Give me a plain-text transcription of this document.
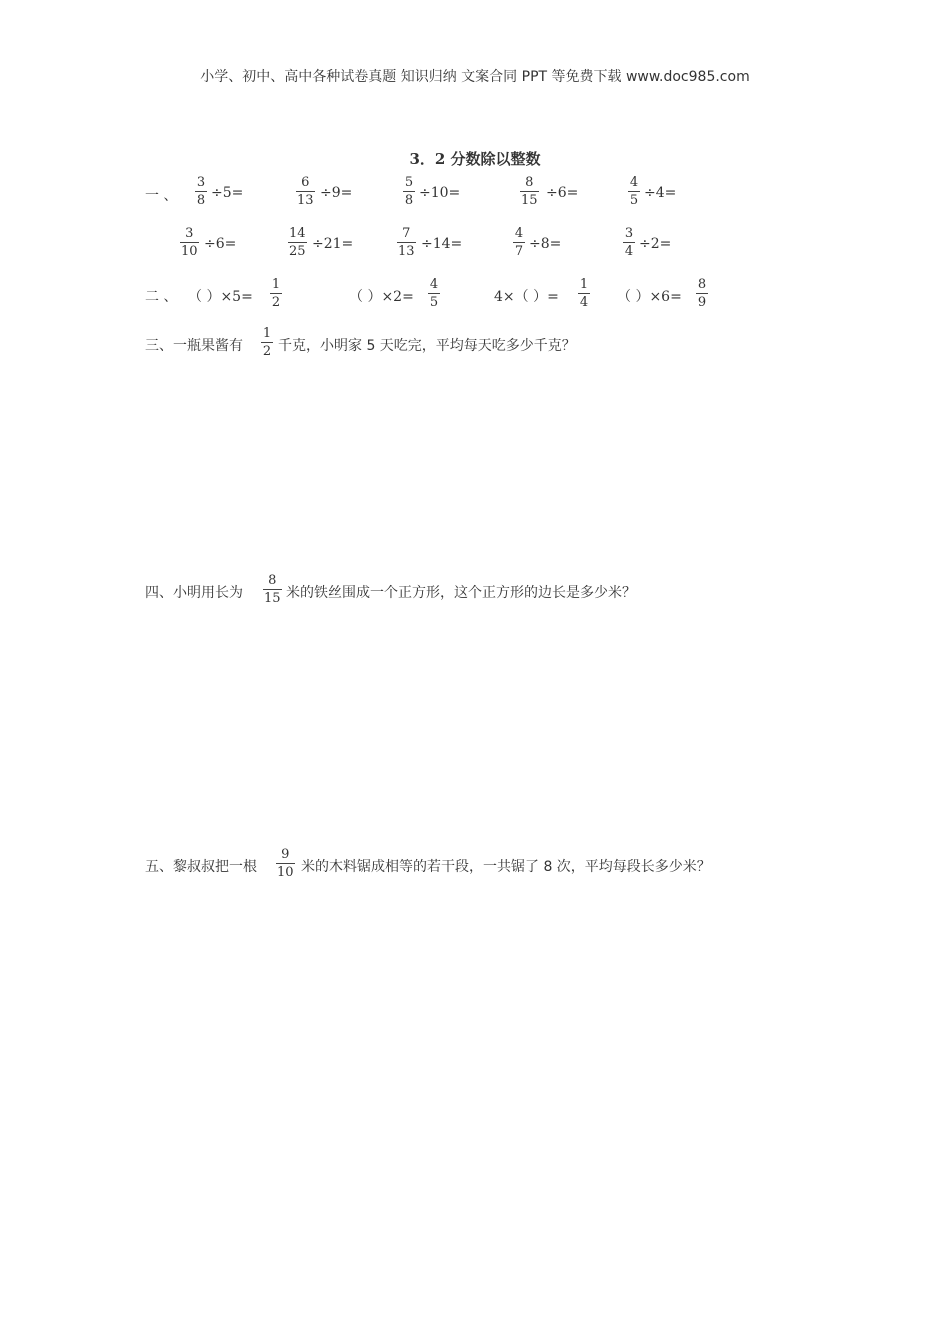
小学、初中、高中各种试卷真题 知识归纳 文案合同 PPT 等免费下载 www.doc985.com
3．2 分数除以整数
一 、
3
8 ÷5=
6
13 ÷9=
5
8 ÷10=
8
15 ÷6=
4
5 ÷4=
3
10 ÷6=
14
25 ÷21=
7
13 ÷14=
4
7 ÷8=
3
4 ÷2=
二 、 （ ）×5=
1
2	（ ）×2=
4
5	4×（ ）=
1
4 （ ）×6=
8
9
三、一瓶果酱有
1
2 千克，小明家 5 天吃完，平均每天吃多少千克？
四、小明用长为
8
15 米的铁丝围成一个正方形，这个正方形的边长是多少米？
五、黎叔叔把一根
9
10 米的木料锯成相等的若干段，一共锯了 8 次，平均每段长多少米？
